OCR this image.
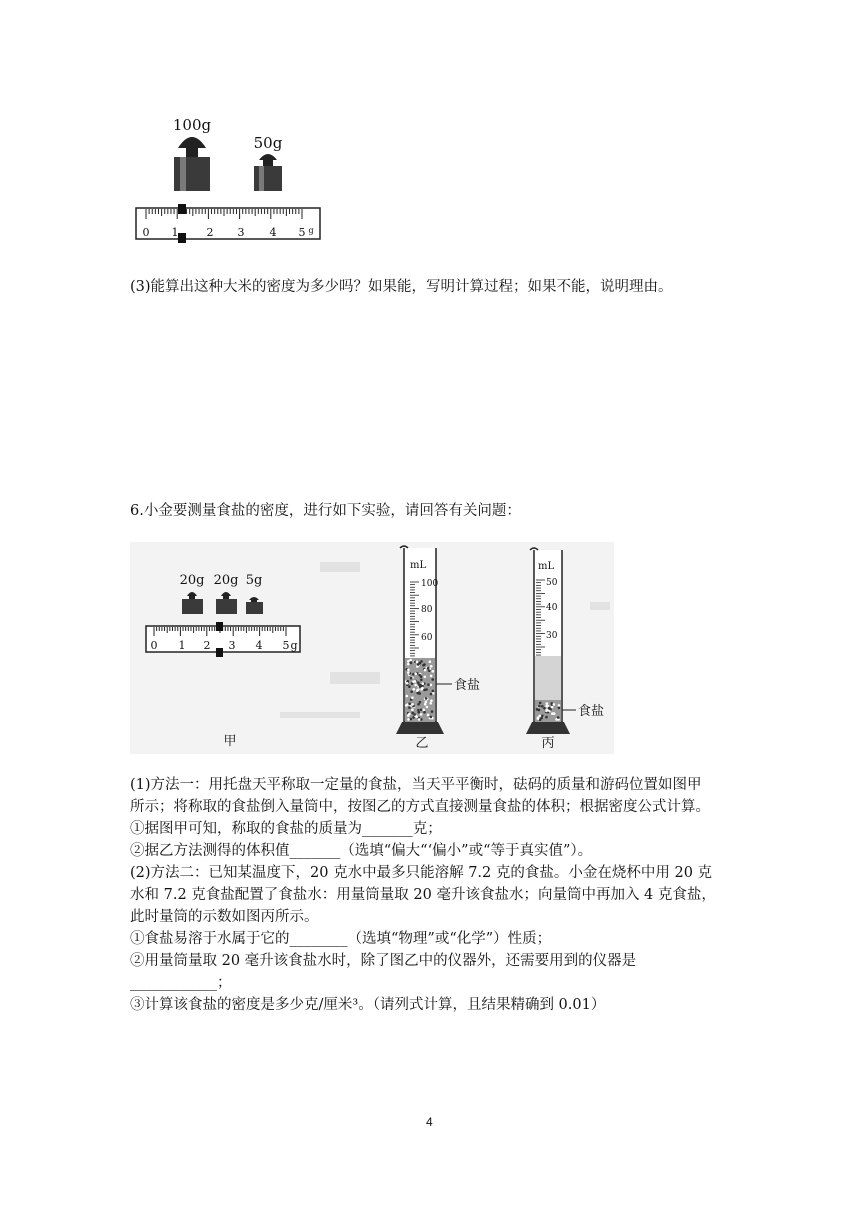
100g
50g
0 1	2 3 4 5 g
(3)能算出这种大米的密度为多少吗？如果能，写明计算过程；如果不能，说明理由。
6.小金要测量食盐的密度，进行如下实验，请回答有关问题：
20g 20g 5g
0 1 2 3 4 5 g
甲
mL
100
80
60
食盐
乙
mL
50
40
30
食盐
丙
(1)方法一：用托盘天平称取一定量的食盐，当天平平衡时，砝码的质量和游码位置如图甲
所示；将称取的食盐倒入量筒中，按图乙的方式直接测量食盐的体积；根据密度公式计算。
①据图甲可知，称取的食盐的质量为_______克；
②据乙方法测得的体积值_______（选填“偏大“‘偏小”或“等于真实值”）。
(2)方法二：已知某温度下，20 克水中最多只能溶解 7.2 克的食盐。小金在烧杯中用 20 克
水和 7.2 克食盐配置了食盐水：用量筒量取 20 毫升该食盐水；向量筒中再加入 4 克食盐，
此时量筒的示数如图丙所示。
①食盐易溶于水属于它的________（选填“物理”或“化学”）性质；
②用量筒量取 20 毫升该食盐水时，除了图乙中的仪器外，还需要用到的仪器是
____________；
③计算该食盐的密度是多少克/厘米³。（请列式计算，且结果精确到 0.01）
4
